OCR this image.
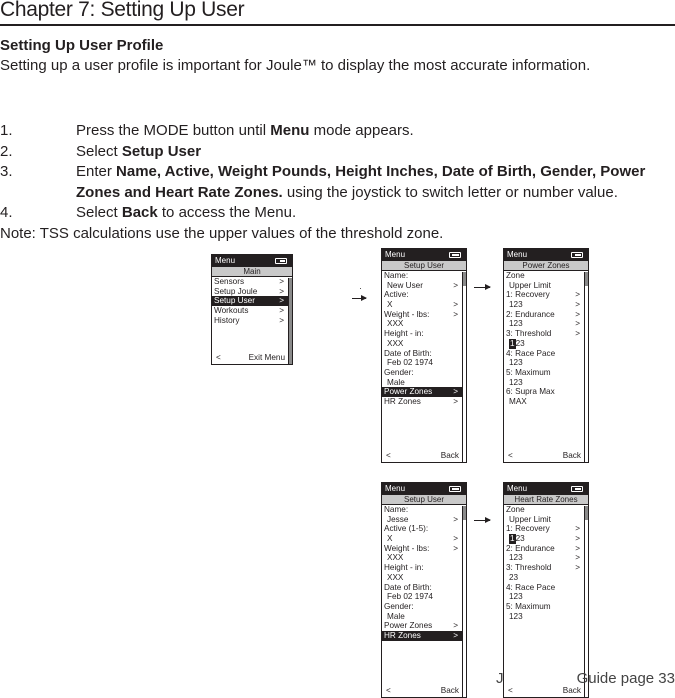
Chapter 7: Setting Up User
Setting Up User Profile
Setting up a user profile is important for Joule™ to display the most accurate information.
1.	Press the MODE button until Menu mode appears.
2.	Select Setup User
3.	Enter Name, Active, Weight Pounds, Height Inches, Date of Birth, Gender, Power Zones and Heart Rate Zones. using the joystick to switch letter or number value.
4.	Select Back to access the Menu.
Note: TSS calculations use the upper values of the threshold zone.
Menu
Main
Sensors	>
Setup Joule	>
Setup User	>
Workouts	>
History	>
<	Exit Menu
Menu
Setup User
Name:
New User	>
Active:
X	>
Weight - lbs:	>
XXX
Height - in:
XXX
Date of Birth:
Feb 02 1974
Gender:
Male
Power Zones	>
HR Zones	>
<	Back
Menu
Power Zones
Zone
Upper Limit
1: Recovery	>
123	>
2: Endurance >
123	>
3: Threshold	>
123
4: Race Pace
123
5: Maximum
123
6: Supra Max
MAX
<	Back
Menu
Setup User
Name:
Jesse	>
Active (1-5):
X	>
Weight - lbs:	>
XXX
Height - in:
XXX
Date of Birth:
Feb 02 1974
Gender:
Male
Power Zones	>
HR Zones	>
<	Back
Menu
Heart Rate Zones
Zone
Upper Limit
1: Recovery	>
123	>
2: Endurance >
123	>
3: Threshold	>
23
4: Race Pace
123
5: Maximum
123
<	Back
J	Guide page 33
